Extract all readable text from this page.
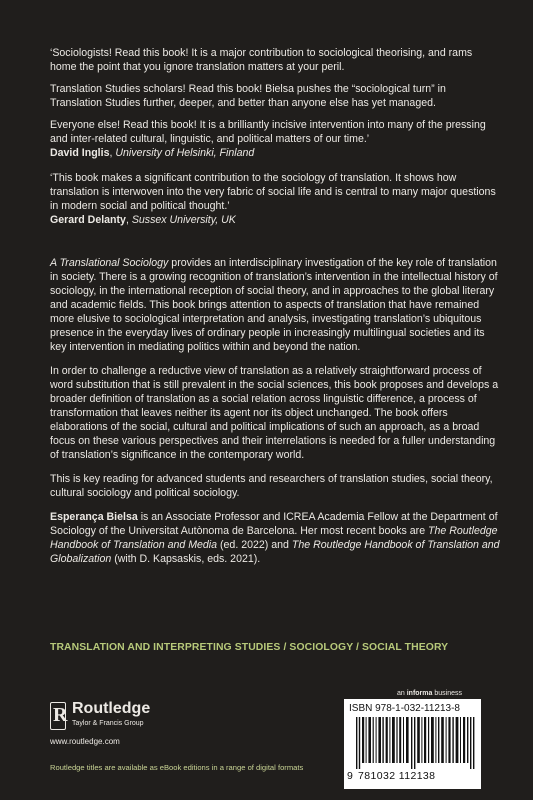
‘Sociologists! Read this book! It is a major contribution to sociological theorising, and rams home the point that you ignore translation matters at your peril.

Translation Studies scholars! Read this book! Bielsa pushes the “sociological turn” in Translation Studies further, deeper, and better than anyone else has yet managed.

Everyone else! Read this book! It is a brilliantly incisive intervention into many of the pressing and inter-related cultural, linguistic, and political matters of our time.’

David Inglis, University of Helsinki, Finland

‘This book makes a significant contribution to the sociology of translation. It shows how translation is interwoven into the very fabric of social life and is central to many major questions in modern social and political thought.’

Gerard Delanty, Sussex University, UK

A Translational Sociology provides an interdisciplinary investigation of the key role of translation in society. There is a growing recognition of translation’s intervention in the intellectual history of sociology, in the international reception of social theory, and in approaches to the global literary and academic fields. This book brings attention to aspects of translation that have remained more elusive to sociological interpretation and analysis, investigating translation’s ubiquitous presence in the everyday lives of ordinary people in increasingly multilingual societies and its key intervention in mediating politics within and beyond the nation.

In order to challenge a reductive view of translation as a relatively straightforward process of word substitution that is still prevalent in the social sciences, this book proposes and develops a broader definition of translation as a social relation across linguistic difference, a process of transformation that leaves neither its agent nor its object unchanged. The book offers elaborations of the social, cultural and political implications of such an approach, as a broad focus on these various perspectives and their interrelations is needed for a fuller understanding of translation’s significance in the contemporary world.

This is key reading for advanced students and researchers of translation studies, social theory, cultural sociology and political sociology.

Esperança Bielsa is an Associate Professor and ICREA Academia Fellow at the Department of Sociology of the Universitat Autònoma de Barcelona. Her most recent books are The Routledge Handbook of Translation and Media (ed. 2022) and The Routledge Handbook of Translation and Globalization (with D. Kapsaskis, eds. 2021).

TRANSLATION AND INTERPRETING STUDIES / SOCIOLOGY / SOCIAL THEORY
R Routledge
Taylor & Francis Group
www.routledge.com
Routledge titles are available as eBook editions in a range of digital formats
an informa business
ISBN 978-1-032-11213-8
9 781032 112138
